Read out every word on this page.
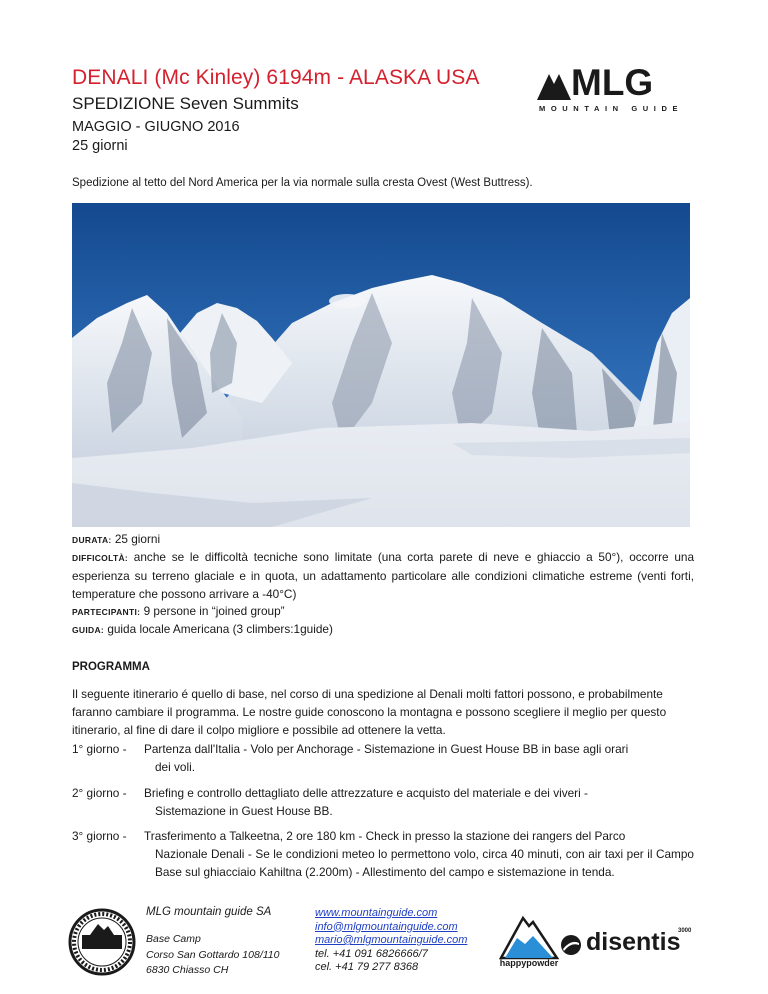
DENALI (Mc Kinley) 6194m - ALASKA USA
SPEDIZIONE Seven Summits
MAGGIO - GIUGNO 2016
25 giorni
MLG
MOUNTAIN GUIDE
Spedizione al tetto del Nord America per la via normale sulla cresta Ovest (West Buttress).
DURATA: 25 giorni
DIFFICOLTÀ: anche se le difficoltà tecniche sono limitate (una corta parete di neve e ghiaccio a 50°), occorre una esperienza su terreno glaciale e in quota, un adattamento particolare alle condizioni climatiche estreme (venti forti, temperature che possono arrivare a -40°C)
PARTECIPANTI: 9 persone in “joined group”
GUIDA: guida locale Americana (3 climbers:1guide)
PROGRAMMA
Il seguente itinerario é quello di base, nel corso di una spedizione al Denali molti fattori possono, e probabilmente faranno cambiare il programma. Le nostre guide conoscono la montagna e possono scegliere il meglio per questo itinerario, al fine di dare il colpo migliore e possibile ad ottenere la vetta.
1° giorno - Partenza dall'Italia - Volo per Anchorage - Sistemazione in Guest House BB in base agli orari
dei voli.
2° giorno - Briefing e controllo dettagliato delle attrezzature e acquisto del materiale e dei viveri -
Sistemazione in Guest House BB.
3° giorno - Trasferimento a Talkeetna, 2 ore 180 km - Check in presso la stazione dei rangers del Parco
Nazionale Denali - Se le condizioni meteo lo permettono volo, circa 40 minuti, con air taxi per il Campo Base sul ghiacciaio Kahiltna (2.200m) - Allestimento del campo e sistemazione in tenda.
MLG mountain guide SA
Base Camp
Corso San Gottardo 108/110
6830 Chiasso CH
www.mountainguide.com
info@mlgmountainguide.com
mario@mlgmountainguide.com
tel. +41 091 6826666/7
cel. +41 79 277 8368	happypowder
disentis
3000
